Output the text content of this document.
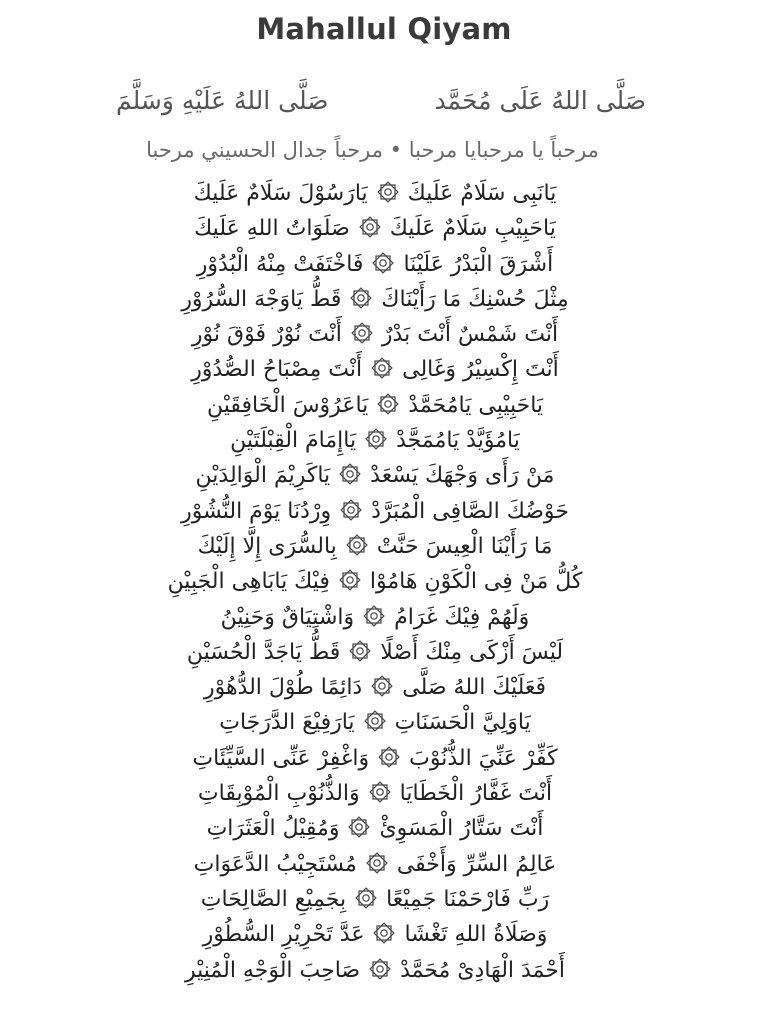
Mahallul Qiyam
صَلَّى اللهُ عَلَى مُحَمَّد
صَلَّى اللهُ عَلَيْهِ وَسَلَّمَ
مرحباً يا مرحبايا مرحبا • مرحباً جدال الحسيني مرحبا
يَانَبِى سَلَامٌ عَلَيكَ
يَارَسُوْلَ سَلَامٌ عَلَيكَ
يَاحَبِيْبِ سَلَامٌ عَلَيكَ
صَلَوَاتُ اللهِ عَلَيكَ
أَشْرَقَ الْبَدْرُ عَلَيْنَا
فَاخْتَفَتْ مِنْهُ الْبُدُوْرِ
مِثْلَ حُسْنِكَ مَا رَأَيْنَاكَ
قَطُّ يَاوَجْهَ السُّرُوْرِ
أَنْتَ شَمْسٌ أَنْتَ بَدْرٌ
أَنْتَ نُوْرٌ فَوْقَ نُوْرِ
أَنْتَ إِكْسِيْرُ وَغَالِى
أَنْتَ مِصْبَاحُ الصُّدُوْرِ
يَاحَبِيْبِى يَامُحَمَّدْ
يَاعَرُوْسَ الْخَافِقَيْنِ
يَامُؤَيَّدْ يَامُمَجَّدْ
يَاإِمَامَ الْقِبْلَتَيْنِ
مَنْ رَأَى وَجْهَكَ يَسْعَدْ
يَاكَرِيْمَ الْوَالِدَيْنِ
حَوْضُكَ الصَّافِى الْمُبَرَّدْ
وِرْدُنَا يَوْمَ النُّشُوْرِ
مَا رَأَيْنَا الْعِيسَ حَنَّتْ
بِالسُّرَى إِلَّا إِلَيْكَ
كُلُّ مَنْ فِى الْكَوْنِ هَامُوْا
فِيْكَ يَابَاهِى الْجَبِيْنِ
وَلَهُمْ فِيْكَ غَرَامُ
وَاشْتِيَاقٌ وَحَنِيْنُ
لَيْسَ أَزْكَى مِنْكَ أَصْلًا
قَطُّ يَاجَدَّ الْحُسَيْنِ
فَعَلَيْكَ اللهُ صَلَّى
دَائِمًا طُوْلَ الدُّهُوْرِ
يَاوَلِيَّ الْحَسَنَاتِ
يَارَفِيْعَ الدَّرَجَاتِ
كَفِّرْ عَنِّيَ الذُّنُوْبَ
وَاغْفِرْ عَنِّى السَّيِّئَاتِ
أَنْتَ غَفَّارُ الْخَطَايَا
وَالذُّنُوْبِ الْمُوْبِقَاتِ
أَنْتَ سَتَّارُ الْمَسَوِئْ
وَمُقِيْلُ الْعَثَرَاتِ
عَالِمُ السِّرِّ وَأَخْفَى
مُسْتَجِيْبُ الدَّعَوَاتِ
رَبِّ فَارْحَمْنَا جَمِيْعًا
بِجَمِيْعِ الصَّالِحَاتِ
وَصَلَاةُ اللهِ تَغْشَا
عَدَّ تَحْرِيْرِ السُّطُوْرِ
أَحْمَدَ الْهَادِىْ مُحَمَّدْ
صَاحِبَ الْوَجْهِ الْمُنِيْرِ
